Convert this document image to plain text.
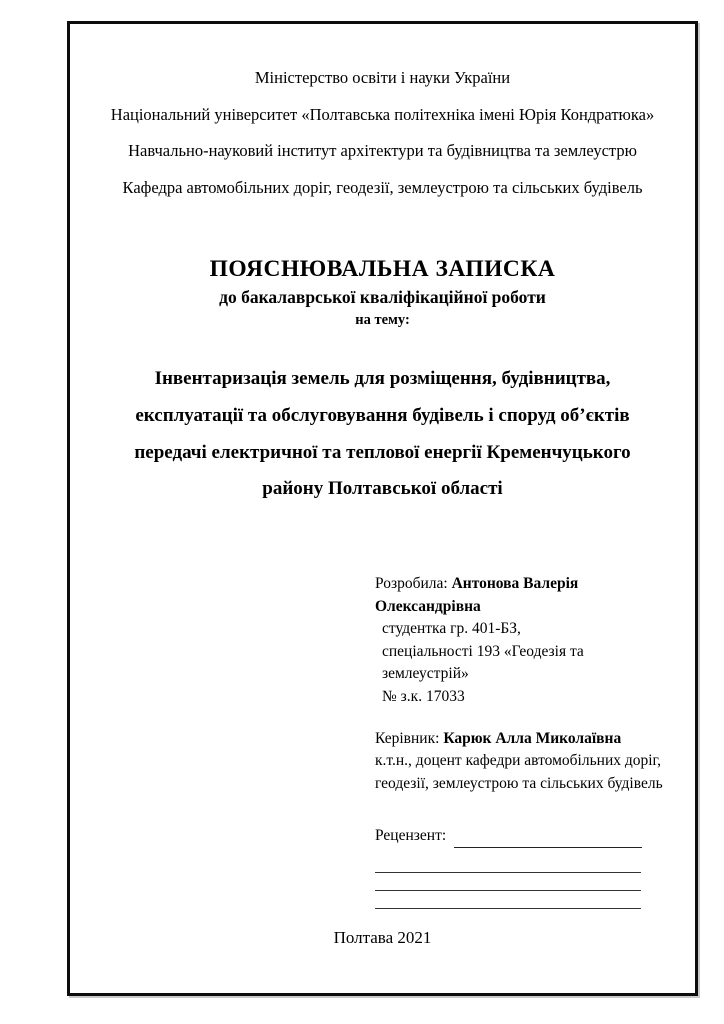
Міністерство освіти і науки України
Національний університет «Полтавська політехніка імені Юрія Кондратюка»
Навчально-науковий інститут архітектури та будівництва та землеустрю
Кафедра автомобільних доріг, геодезії, землеустрою та сільських будівель
ПОЯСНЮВАЛЬНА ЗАПИСКА
до бакалаврської кваліфікаційної роботи
на тему:
Інвентаризація земель для розміщення, будівництва,
експлуатації та обслуговування будівель і споруд об’єктів
передачі електричної та теплової енергії Кременчуцького
району Полтавської області
Розробила: Антонова Валерія Олександрівна
студентка гр. 401-БЗ,
спеціальності 193 «Геодезія та землеустрій»
№ з.к. 17033
Керівник: Карюк Алла Миколаївна
к.т.н., доцент кафедри автомобільних доріг,
геодезії, землеустрою та сільських будівель
Рецензент:
Полтава 2021
